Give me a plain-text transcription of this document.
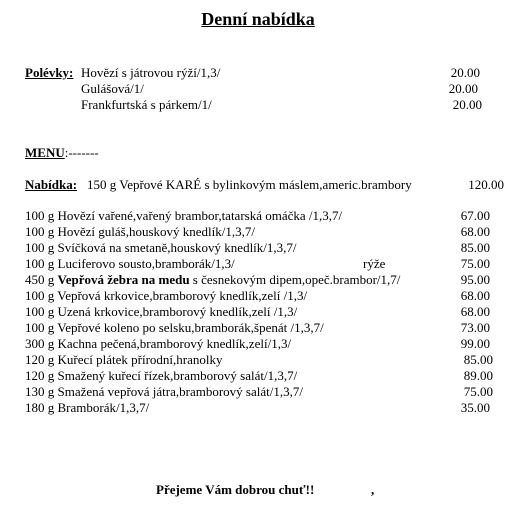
Denní nabídka
Polévky: Hovězí s játrovou rýží/1,3/	20.00
Gulášová/1/	20.00
Frankfurtská s párkem/1/	20.00
MENU:-------
Nabídka: 150 g Vepřové KARÉ s bylinkovým máslem,americ.brambory	120.00
100 g Hovězí vařené,vařený brambor,tatarská omáčka /1,3,7/	67.00
100 g Hovězí guláš,houskový knedlík/1,3,7/	68.00
100 g Svíčková na smetaně,houskový knedlík/1,3,7/	85.00
100 g Luciferovo sousto,bramborák/1,3/	rýže	75.00
450 g Vepřová žebra na medu s česnekovým dipem,opeč.brambor/1,7/	95.00
100 g Vepřová krkovice,bramborový knedlík,zelí /1,3/	68.00
100 g Uzená krkovice,bramborový knedlík,zelí /1,3/	68.00
100 g Vepřové koleno po selsku,bramborák,špenát /1,3,7/	73.00
300 g Kachna pečená,bramborový knedlík,zelí/1,3/	99.00
120 g Kuřecí plátek přírodní,hranolky	85.00
120 g Smažený kuřecí řízek,bramborový salát/1,3,7/	89.00
130 g Smažená vepřová játra,bramborový salát/1,3,7/	75.00
180 g Bramborák/1,3,7/	35.00
Přejeme Vám dobrou chuť!!	,
